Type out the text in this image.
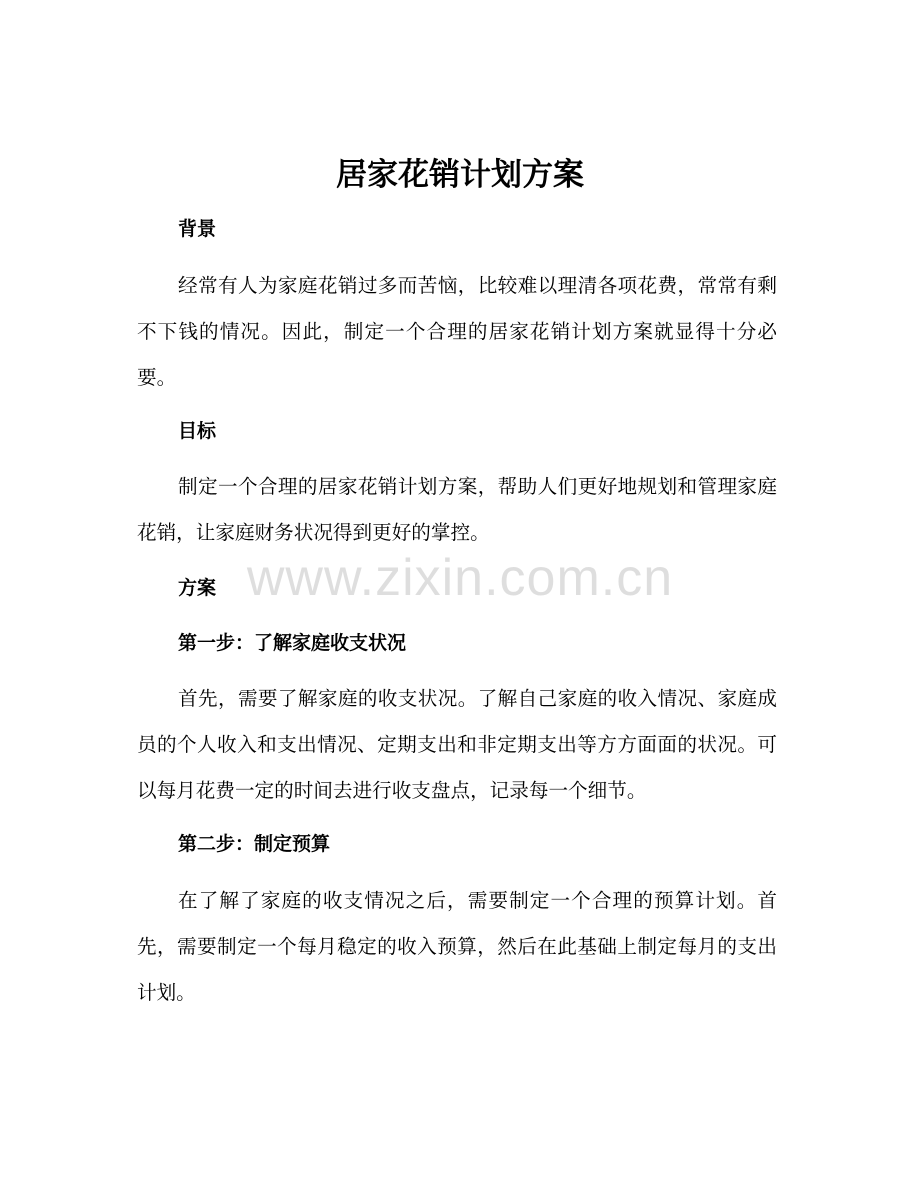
居家花销计划方案
背景

经常有人为家庭花销过多而苦恼，比较难以理清各项花费，常常有剩不下钱的情况。因此，制定一个合理的居家花销计划方案就显得十分必要。

目标

制定一个合理的居家花销计划方案，帮助人们更好地规划和管理家庭花销，让家庭财务状况得到更好的掌控。

方案
第一步：了解家庭收支状况

首先，需要了解家庭的收支状况。了解自己家庭的收入情况、家庭成员的个人收入和支出情况、定期支出和非定期支出等方方面面的状况。可以每月花费一定的时间去进行收支盘点，记录每一个细节。

第二步：制定预算

在了解了家庭的收支情况之后，需要制定一个合理的预算计划。首先，需要制定一个每月稳定的收入预算，然后在此基础上制定每月的支出计划。

www.zixin.com.cn
